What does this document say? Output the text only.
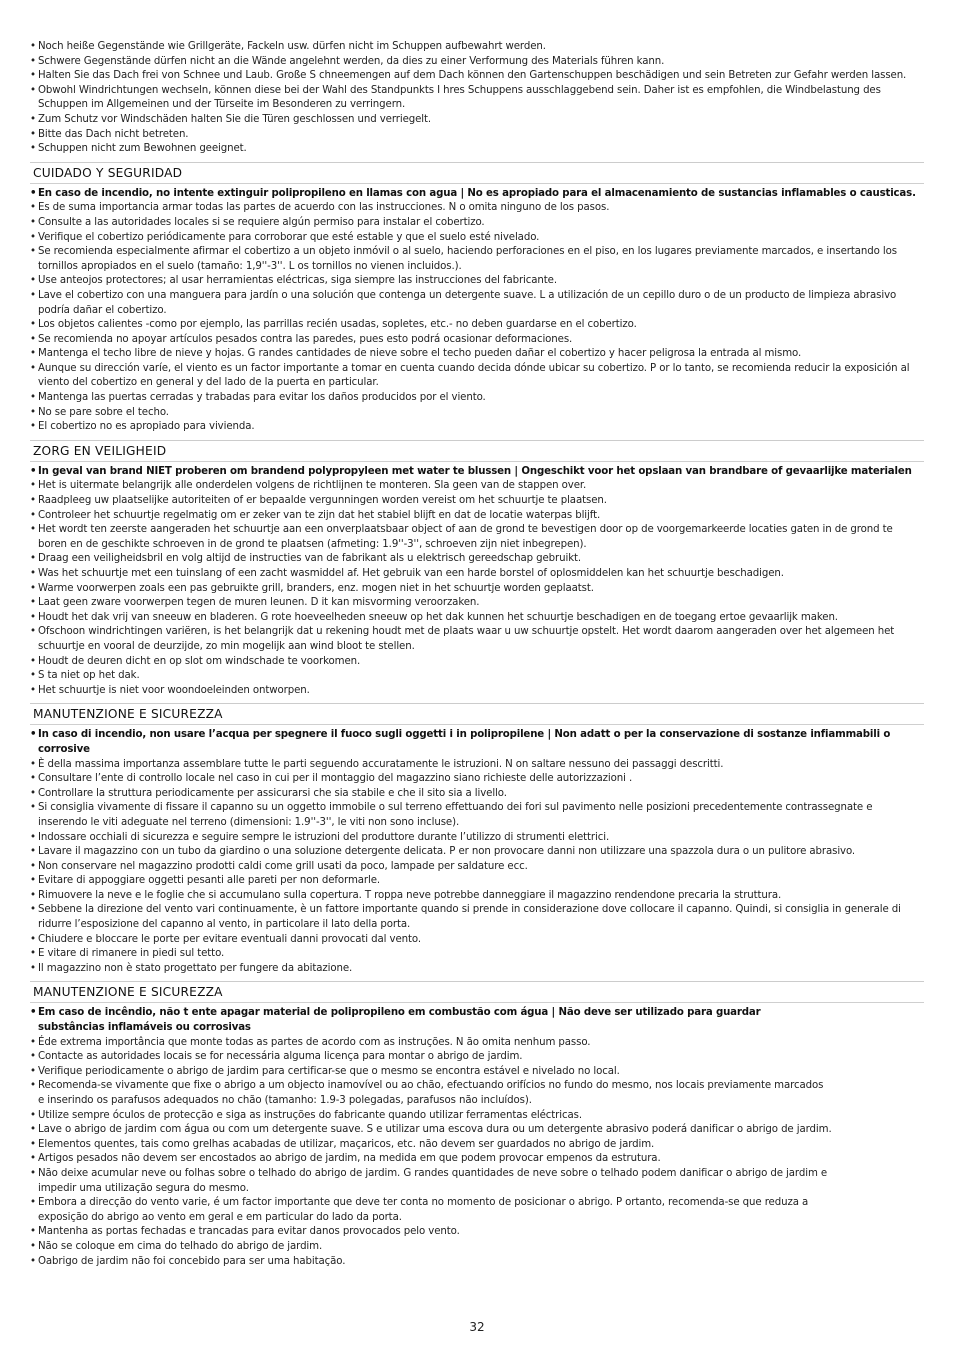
• Noch heiße Gegenstände wie Grillgeräte, Fackeln usw. dürfen nicht im Schuppen aufbewahrt werden.
• Schwere Gegenstände dürfen nicht an die Wände angelehnt werden, da dies zu einer Verformung des Materials führen kann.
• Halten Sie das Dach frei von Schnee und Laub. Große S chneemengen auf dem Dach können den Gartenschuppen beschädigen und sein Betreten zur Gefahr werden lassen.
• Obwohl Windrichtungen wechseln, können diese bei der Wahl des Standpunkts I hres Schuppens ausschlaggebend sein. Daher ist es empfohlen, die Windbelastung des Schuppen im Allgemeinen und der Türseite im Besonderen zu verringern.
• Zum Schutz vor Windschäden halten Sie die Türen geschlossen und verriegelt.
• Bitte das Dach nicht betreten.
• Schuppen nicht zum Bewohnen geeignet.
CUIDADO Y SEGURIDAD
• En caso de incendio, no intente extinguir polipropileno en llamas con agua | No es apropiado para el almacenamiento de sustancias inflamables o causticas.
• Es de suma importancia armar todas las partes de acuerdo con las instrucciones. N o omita ninguno de los pasos.
• Consulte a las autoridades locales si se requiere algún permiso para instalar el cobertizo.
• Verifique el cobertizo periódicamente para corroborar que esté estable y que el suelo esté nivelado.
• Se recomienda especialmente afirmar el cobertizo a un objeto inmóvil o al suelo, haciendo perforaciones en el piso, en los lugares previamente marcados, e insertando los tornillos apropiados en el suelo (tamaño: 1,9''-3''. L os tornillos no vienen incluidos.).
• Use anteojos protectores; al usar herramientas eléctricas, siga siempre las instrucciones del fabricante.
• Lave el cobertizo con una manguera para jardín o una solución que contenga un detergente suave. L a utilización de un cepillo duro o de un producto de limpieza abrasivo podría dañar el cobertizo.
• Los objetos calientes -como por ejemplo, las parrillas recién usadas, sopletes, etc.- no deben guardarse en el cobertizo.
• Se recomienda no apoyar artículos pesados contra las paredes, pues esto podrá ocasionar deformaciones.
• Mantenga el techo libre de nieve y hojas. G randes cantidades de nieve sobre el techo pueden dañar el cobertizo y hacer peligrosa la entrada al mismo.
• Aunque su dirección varíe, el viento es un factor importante a tomar en cuenta cuando decida dónde ubicar su cobertizo. P or lo tanto, se recomienda reducir la exposición al viento del cobertizo en general y del lado de la puerta en particular.
• Mantenga las puertas cerradas y trabadas para evitar los daños producidos por el viento.
• No se pare sobre el techo.
• El cobertizo no es apropiado para vivienda.
ZORG EN VEILIGHEID
• In geval van brand NIET proberen om brandend polypropyleen met water te blussen | Ongeschikt voor het opslaan van brandbare of gevaarlijke materialen
• Het is uitermate belangrijk alle onderdelen volgens de richtlijnen te monteren. Sla geen van de stappen over.
• Raadpleeg uw plaatselijke autoriteiten of er bepaalde vergunningen worden vereist om het schuurtje te plaatsen.
• Controleer het schuurtje regelmatig om er zeker van te zijn dat het stabiel blijft en dat de locatie waterpas blijft.
• Het wordt ten zeerste aangeraden het schuurtje aan een onverplaatsbaar object of aan de grond te bevestigen door op de voorgemarkeerde locaties gaten in de grond te boren en de geschikte schroeven in de grond te plaatsen (afmeting: 1.9''-3'', schroeven zijn niet inbegrepen).
• Draag een veiligheidsbril en volg altijd de instructies van de fabrikant als u elektrisch gereedschap gebruikt.
• Was het schuurtje met een tuinslang of een zacht wasmiddel af. Het gebruik van een harde borstel of oplosmiddelen kan het schuurtje beschadigen.
• Warme voorwerpen zoals een pas gebruikte grill, branders, enz. mogen niet in het schuurtje worden geplaatst.
• Laat geen zware voorwerpen tegen de muren leunen. D it kan misvorming veroorzaken.
• Houdt het dak vrij van sneeuw en bladeren. G rote hoeveelheden sneeuw op het dak kunnen het schuurtje beschadigen en de toegang ertoe gevaarlijk maken.
• Ofschoon windrichtingen variëren, is het belangrijk dat u rekening houdt met de plaats waar u uw schuurtje opstelt. Het wordt daarom aangeraden over het algemeen het schuurtje en vooral de deurzijde, zo min mogelijk aan wind bloot te stellen.
• Houdt de deuren dicht en op slot om windschade te voorkomen.
• S ta niet op het dak.
• Het schuurtje is niet voor woondoeleinden ontworpen.
MANUTENZIONE E SICUREZZA
• In caso di incendio, non usare l’acqua per spegnere il fuoco sugli oggetti i in polipropilene | Non adatt o per la conservazione di sostanze infiammabili o corrosive
• È della massima importanza assemblare tutte le parti seguendo accuratamente le istruzioni. N on saltare nessuno dei passaggi descritti.
• Consultare l’ente di controllo locale nel caso in cui per il montaggio del magazzino siano richieste delle autorizzazioni .
• Controllare la struttura periodicamente per assicurarsi che sia stabile e che il sito sia a livello.
• Si consiglia vivamente di fissare il capanno su un oggetto immobile o sul terreno effettuando dei fori sul pavimento nelle posizioni precedentemente contrassegnate e inserendo le viti adeguate nel terreno (dimensioni: 1.9''-3'', le viti non sono incluse).
• Indossare occhiali di sicurezza e seguire sempre le istruzioni del produttore durante l’utilizzo di strumenti elettrici.
• Lavare il magazzino con un tubo da giardino o una soluzione detergente delicata. P er non provocare danni non utilizzare una spazzola dura o un pulitore abrasivo.
• Non conservare nel magazzino prodotti caldi come grill usati da poco, lampade per saldature ecc.
• Evitare di appoggiare oggetti pesanti alle pareti per non deformarle.
• Rimuovere la neve e le foglie che si accumulano sulla copertura. T roppa neve potrebbe danneggiare il magazzino rendendone precaria la struttura.
• Sebbene la direzione del vento vari continuamente, è un fattore importante quando si prende in considerazione dove collocare il capanno. Quindi, si consiglia in generale di ridurre l’esposizione del capanno al vento, in particolare il lato della porta.
• Chiudere e bloccare le porte per evitare eventuali danni provocati dal vento.
• E vitare di rimanere in piedi sul tetto.
• Il magazzino non è stato progettato per fungere da abitazione.
MANUTENZIONE E SICUREZZA
• Em caso de incêndio, não t ente apagar material de polipropileno em combustão com água | Não deve ser utilizado para guardar substâncias inflamáveis ou corrosivas
• Éde extrema importância que monte todas as partes de acordo com as instruções. N ão omita nenhum passo.
• Contacte as autoridades locais se for necessária alguma licença para montar o abrigo de jardim.
• Verifique periodicamente o abrigo de jardim para certificar-se que o mesmo se encontra estável e nivelado no local.
• Recomenda-se vivamente que fixe o abrigo a um objecto inamovível ou ao chão, efectuando orifícios no fundo do mesmo, nos locais previamente marcados e inserindo os parafusos adequados no chão (tamanho: 1.9-3 polegadas, parafusos não incluídos).
• Utilize sempre óculos de protecção e siga as instruções do fabricante quando utilizar ferramentas eléctricas.
• Lave o abrigo de jardim com água ou com um detergente suave. S e utilizar uma escova dura ou um detergente abrasivo poderá danificar o abrigo de jardim.
• Elementos quentes, tais como grelhas acabadas de utilizar, maçaricos, etc. não devem ser guardados no abrigo de jardim.
• Artigos pesados não devem ser encostados ao abrigo de jardim, na medida em que podem provocar empenos da estrutura.
• Não deixe acumular neve ou folhas sobre o telhado do abrigo de jardim. G randes quantidades de neve sobre o telhado podem danificar o abrigo de jardim e impedir uma utilização segura do mesmo.
• Embora a direcção do vento varie, é um factor importante que deve ter conta no momento de posicionar o abrigo. P ortanto, recomenda-se que reduza a exposição do abrigo ao vento em geral e em particular do lado da porta.
• Mantenha as portas fechadas e trancadas para evitar danos provocados pelo vento.
• Não se coloque em cima do telhado do abrigo de jardim.
• Oabrigo de jardim não foi concebido para ser uma habitação.
32
